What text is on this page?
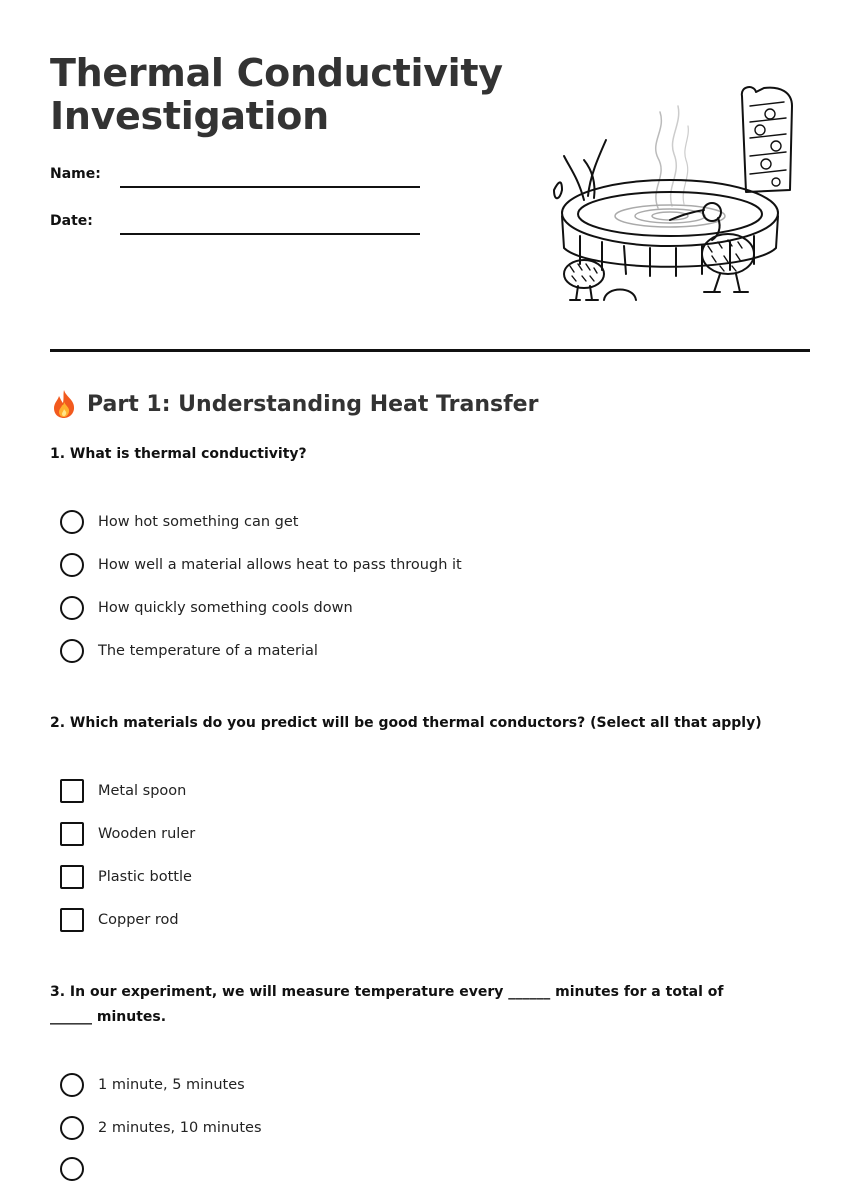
Thermal Conductivity
Investigation
Name:
Date:
Part 1: Understanding Heat Transfer
1. What is thermal conductivity?
How hot something can get
How well a material allows heat to pass through it
How quickly something cools down
The temperature of a material
2. Which materials do you predict will be good thermal conductors? (Select all that apply)
Metal spoon
Wooden ruler
Plastic bottle
Copper rod
3. In our experiment, we will measure temperature every ______ minutes for a total of ______ minutes.
1 minute, 5 minutes
2 minutes, 10 minutes
